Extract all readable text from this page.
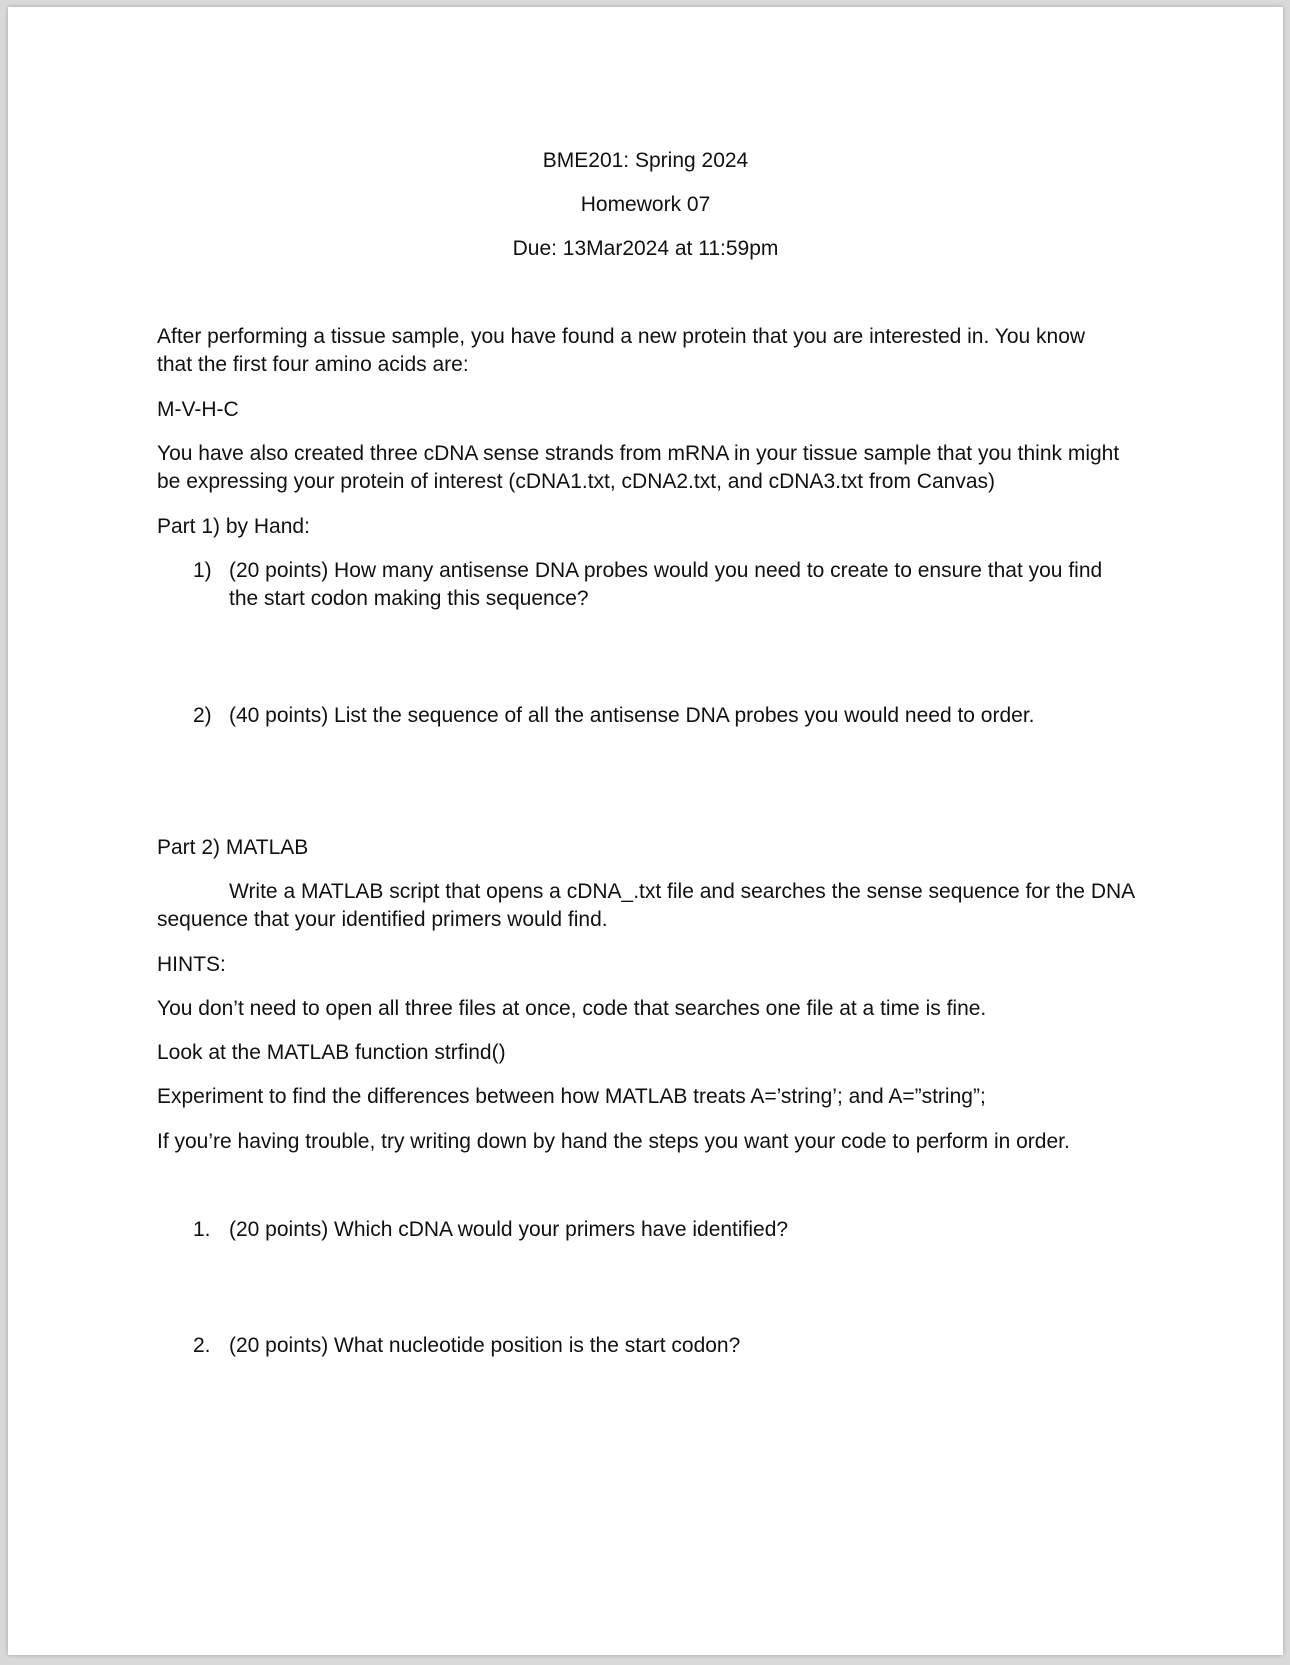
BME201: Spring 2024
Homework 07
Due: 13Mar2024 at 11:59pm
After performing a tissue sample, you have found a new protein that you are interested in. You know
that the first four amino acids are:
M-V-H-C
You have also created three cDNA sense strands from mRNA in your tissue sample that you think might
be expressing your protein of interest (cDNA1.txt, cDNA2.txt, and cDNA3.txt from Canvas)
Part 1) by Hand:
1) (20 points) How many antisense DNA probes would you need to create to ensure that you find
the start codon making this sequence?
2) (40 points) List the sequence of all the antisense DNA probes you would need to order.
Part 2) MATLAB
Write a MATLAB script that opens a cDNA_.txt file and searches the sense sequence for the DNA
sequence that your identified primers would find.
HINTS:
You don’t need to open all three files at once, code that searches one file at a time is fine.
Look at the MATLAB function strfind()
Experiment to find the differences between how MATLAB treats A=’string’; and A=”string”;
If you’re having trouble, try writing down by hand the steps you want your code to perform in order.
1. (20 points) Which cDNA would your primers have identified?
2. (20 points) What nucleotide position is the start codon?
